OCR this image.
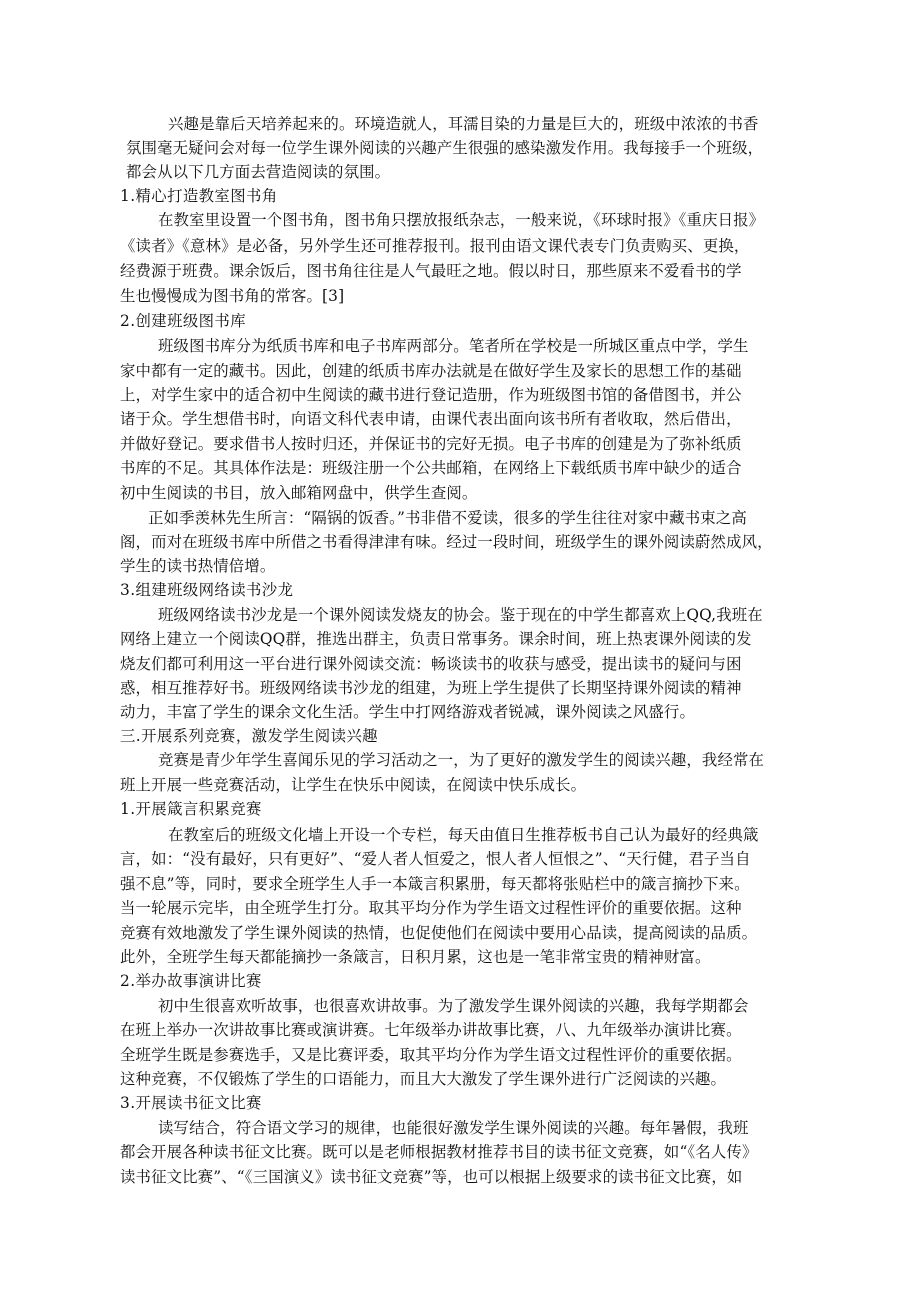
兴趣是靠后天培养起来的。环境造就人，耳濡目染的力量是巨大的，班级中浓浓的书香
氛围毫无疑问会对每一位学生课外阅读的兴趣产生很强的感染激发作用。我每接手一个班级，
都会从以下几方面去营造阅读的氛围。
1.精心打造教室图书角
在教室里设置一个图书角，图书角只摆放报纸杂志，一般来说，《环球时报》《重庆日报》
《读者》《意林》是必备，另外学生还可推荐报刊。报刊由语文课代表专门负责购买、更换，
经费源于班费。课余饭后，图书角往往是人气最旺之地。假以时日，那些原来不爱看书的学
生也慢慢成为图书角的常客。[3]
2.创建班级图书库
班级图书库分为纸质书库和电子书库两部分。笔者所在学校是一所城区重点中学，学生
家中都有一定的藏书。因此，创建的纸质书库办法就是在做好学生及家长的思想工作的基础
上，对学生家中的适合初中生阅读的藏书进行登记造册，作为班级图书馆的备借图书，并公
诸于众。学生想借书时，向语文科代表申请，由课代表出面向该书所有者收取，然后借出，
并做好登记。要求借书人按时归还，并保证书的完好无损。电子书库的创建是为了弥补纸质
书库的不足。其具体作法是：班级注册一个公共邮箱，在网络上下载纸质书库中缺少的适合
初中生阅读的书目，放入邮箱网盘中，供学生查阅。
正如季羡林先生所言：“隔锅的饭香。”书非借不爱读，很多的学生往往对家中藏书束之高
阁，而对在班级书库中所借之书看得津津有味。经过一段时间，班级学生的课外阅读蔚然成风，
学生的读书热情倍增。
3.组建班级网络读书沙龙
班级网络读书沙龙是一个课外阅读发烧友的协会。鉴于现在的中学生都喜欢上QQ,我班在
网络上建立一个阅读QQ群，推选出群主，负责日常事务。课余时间，班上热衷课外阅读的发
烧友们都可利用这一平台进行课外阅读交流：畅谈读书的收获与感受，提出读书的疑问与困
惑，相互推荐好书。班级网络读书沙龙的组建，为班上学生提供了长期坚持课外阅读的精神
动力，丰富了学生的课余文化生活。学生中打网络游戏者锐减，课外阅读之风盛行。
三.开展系列竞赛，激发学生阅读兴趣
竞赛是青少年学生喜闻乐见的学习活动之一，为了更好的激发学生的阅读兴趣，我经常在
班上开展一些竞赛活动，让学生在快乐中阅读，在阅读中快乐成长。
1.开展箴言积累竞赛
在教室后的班级文化墙上开设一个专栏，每天由值日生推荐板书自己认为最好的经典箴
言，如：“没有最好，只有更好”、“爱人者人恒爱之，恨人者人恒恨之”、“天行健，君子当自
强不息”等，同时，要求全班学生人手一本箴言积累册，每天都将张贴栏中的箴言摘抄下来。
当一轮展示完毕，由全班学生打分。取其平均分作为学生语文过程性评价的重要依据。这种
竞赛有效地激发了学生课外阅读的热情，也促使他们在阅读中要用心品读，提高阅读的品质。
此外，全班学生每天都能摘抄一条箴言，日积月累，这也是一笔非常宝贵的精神财富。
2.举办故事演讲比赛
初中生很喜欢听故事，也很喜欢讲故事。为了激发学生课外阅读的兴趣，我每学期都会
在班上举办一次讲故事比赛或演讲赛。七年级举办讲故事比赛，八、九年级举办演讲比赛。
全班学生既是参赛选手，又是比赛评委，取其平均分作为学生语文过程性评价的重要依据。
这种竞赛，不仅锻炼了学生的口语能力，而且大大激发了学生课外进行广泛阅读的兴趣。
3.开展读书征文比赛
读写结合，符合语文学习的规律，也能很好激发学生课外阅读的兴趣。每年暑假，我班
都会开展各种读书征文比赛。既可以是老师根据教材推荐书目的读书征文竞赛，如“《名人传》
读书征文比赛”、“《三国演义》读书征文竞赛”等，也可以根据上级要求的读书征文比赛，如
